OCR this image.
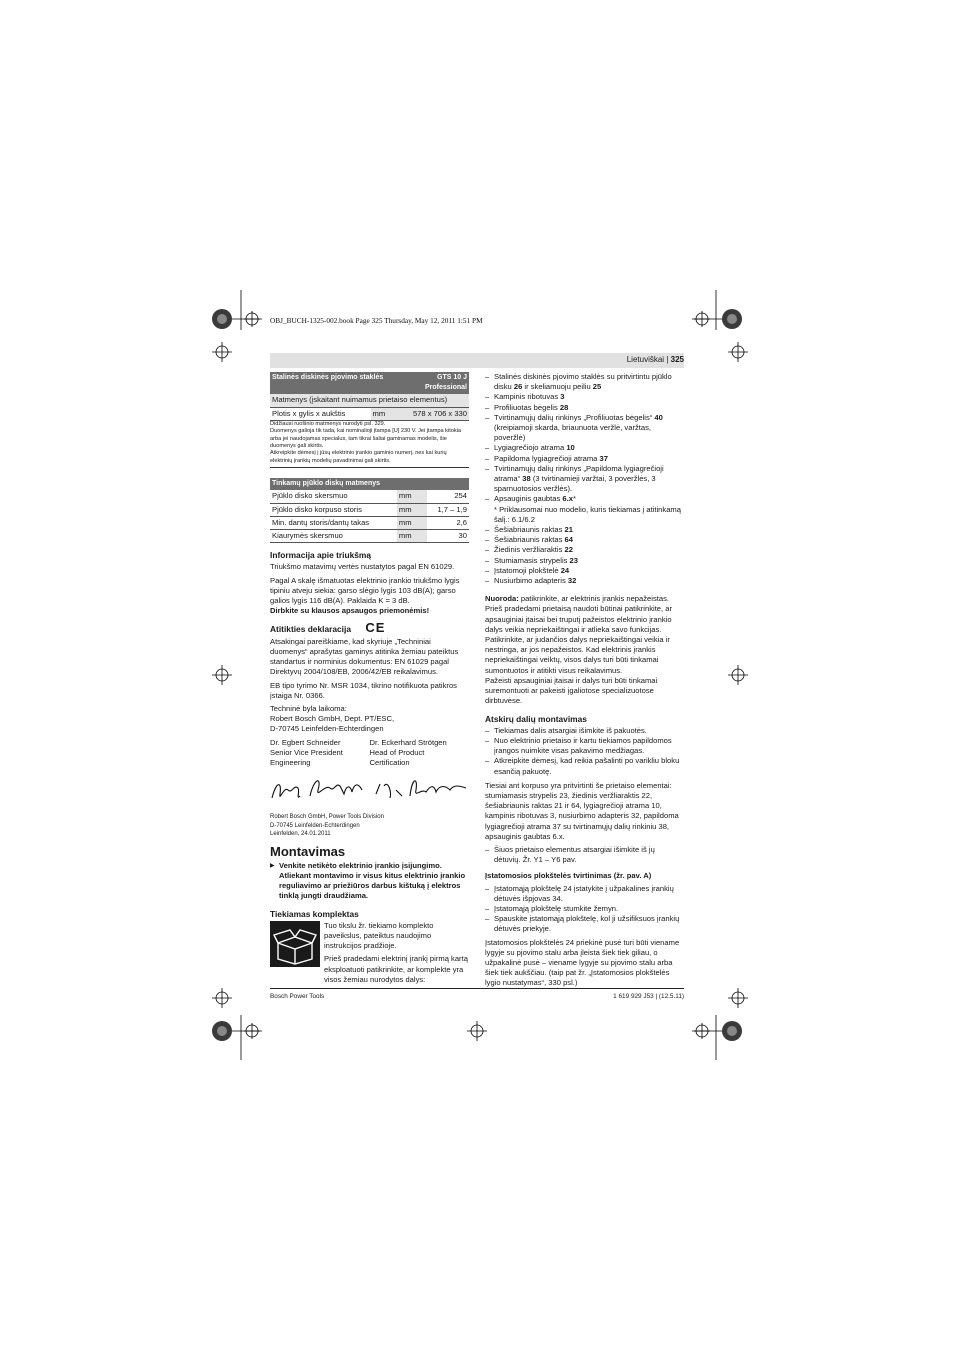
OBJ_BUCH-1325-002.book Page 325 Thursday, May 12, 2011 1:51 PM
Lietuviškai | 325
Stalinės diskinės pjovimo staklės		GTS 10 J
Professional

Matmenys (įskaitant nuimamus prietaiso elementus)		
Plotis x gylis x aukštis	mm	578 x 706 x 330
Didžiausi ruošinio matmenys nurodyti psl. 329.
Duomenys galioja tik tada, kai nominalioji įtampa [U] 230 V. Jei įtampa kitokia arba jei naudojamas specialus, tam tikrai šaliai gaminamas modelis, šie duomenys gali skirtis.
Atkreipkite dėmesį į jūsų elektrinio įrankio gaminio numerį, nes kai kurių elektrinių įrankių modelių pavadinimai gali skirtis.
Tinkamų pjūklo diskų matmenys		
Pjūklo disko skersmuo	mm	254
Pjūklo disko korpuso storis	mm	1,7 – 1,9
Min. dantų storis/dantų takas	mm	2,6
Kiaurymės skersmuo	mm	30
Informacija apie triukšmą

Triukšmo matavimų vertės nustatytos pagal EN 61029.

Pagal A skalę išmatuotas elektrinio įrankio triukšmo lygis tipiniu atveju siekia: garso slėgio lygis 103 dB(A); garso galios lygis 116 dB(A). Paklaida K = 3 dB.

Dirbkite su klausos apsaugos priemonėmis!

Atitikties deklaracija CE

Atsakingai pareiškiame, kad skyriuje „Techniniai duomenys“ aprašytas gaminys atitinka žemiau pateiktus standartus ir norminius dokumentus: EN 61029 pagal Direktyvų 2004/108/EB, 2006/42/EB reikalavimus.

EB tipo tyrimo Nr. MSR 1034, tikrino notifikuota patikros įstaiga Nr. 0366.

Techninė byla laikoma:
Robert Bosch GmbH, Dept. PT/ESC,
D-70745 Leinfelden-Echterdingen

Dr. Egbert Schneider
Senior Vice President
Engineering
Dr. Eckerhard Strötgen
Head of Product
Certification
Robert Bosch GmbH, Power Tools Division
D-70745 Leinfelden-Echterdingen
Leinfelden, 24.01.2011
Montavimas
▶ Venkite netikėto elektrinio įrankio įsijungimo. Atliekant montavimo ir visus kitus elektrinio įrankio reguliavimo ar priežiūros darbus kištuką į elektros tinklą jungti draudžiama.
Tiekiamas komplektas

Tuo tikslu žr. tiekiamo komplekto paveikslus, pateiktus naudojimo instrukcijos pradžioje.

Prieš pradedami elektrinį įrankį pirmą kartą eksploatuoti patikrinkite, ar komplekte yra visos žemiau nurodytos dalys:

– Stalinės diskinės pjovimo staklės su pritvirtintu pjūklo disku 26 ir skeliamuoju peiliu 25
– Kampinis ribotuvas 3
– Profiliuotas bėgelis 28
– Tvirtinamųjų dalių rinkinys „Profiliuotas bėgelis“ 40 (kreipiamoji skarda, briaunuota veržlė, varžtas, poveržlė)
– Lygiagrečiojo atrama 10
– Papildoma lygiagrečioji atrama 37
– Tvirtinamųjų dalių rinkinys „Papildoma lygiagrečioji atrama“ 38 (3 tvirtinamieji varžtai, 3 poveržlės, 3 sparnuotosios veržlės).
– Apsauginis gaubtas 6.x*
* Priklausomai nuo modelio, kuris tiekiamas į atitinkamą šalį.: 6.1/6.2
– Šešiabriaunis raktas 21
– Šešiabriaunis raktas 64
– Žiedinis veržliaraktis 22
– Stumiamasis strypelis 23
– Įstatomoji plokštelė 24
– Nusiurbimo adapteris 32

Nuoroda: patikrinkite, ar elektrinis įrankis nepažeistas. Prieš pradedami prietaisą naudoti būtinai patikrinkite, ar apsauginiai įtaisai bei truputį pažeistos elektrinio įrankio dalys veikia nepriekaištingai ir atlieka savo funkcijas. Patikrinkite, ar judančios dalys nepriekaištingai veikia ir nestringa, ar jos nepažeistos. Kad elektrinis įrankis nepriekaištingai veiktų, visos dalys turi būti tinkamai sumontuotos ir atitikti visus reikalavimus.
Pažeisti apsauginiai įtaisai ir dalys turi būti tinkamai suremontuoti ar pakeisti įgaliotose specializuotose dirbtuvėse.

Atskirų dalių montavimas
– Tiekiamas dalis atsargiai išimkite iš pakuotės.
– Nuo elektrinio prietaiso ir kartu tiekiamos papildomos įrangos nuimkite visas pakavimo medžiagas.
– Atkreipkite dėmesį, kad reikia pašalinti po varikliu bloku esančią pakuotę.

Tiesiai ant korpuso yra pritvirtinti še prietaiso elementai: stumiamasis strypelis 23, žiedinis veržliaraktis 22, šešiabriaunis raktas 21 ir 64, lygiagrečioji atrama 10, kampinis ribotuvas 3, nusiurbimo adapteris 32, papildoma lygiagrečioji atrama 37 su tvirtinamųjų dalių rinkiniu 38, apsauginis gaubtas 6.x.

– Šiuos prietaiso elementus atsargiai išimkite iš jų dėtuvių. Žr. Y1 – Y6 pav.
Įstatomosios plokštelės tvirtinimas (žr. pav. A)
– Įstatomąją plokštelę 24 įstatykite į užpakalines įrankių dėtuvės išpjovas 34.
– Įstatomąją plokštelę stumkite žemyn.
– Spauskite įstatomąją plokštelę, kol ji užsifiksuos įrankių dėtuvės priekyje.

Įstatomosios plokštelės 24 priekinė pusė turi būti viename lygyje su pjovimo stalu arba įleista šiek tiek giliau, o užpakalinė pusė – viename lygyje su pjovimo stalu arba šiek tiek aukščiau. (taip pat žr. „Įstatomosios plokštelės lygio nustatymas“, 330 psl.)

Bosch Power Tools	1 619 929 J53 | (12.5.11)
